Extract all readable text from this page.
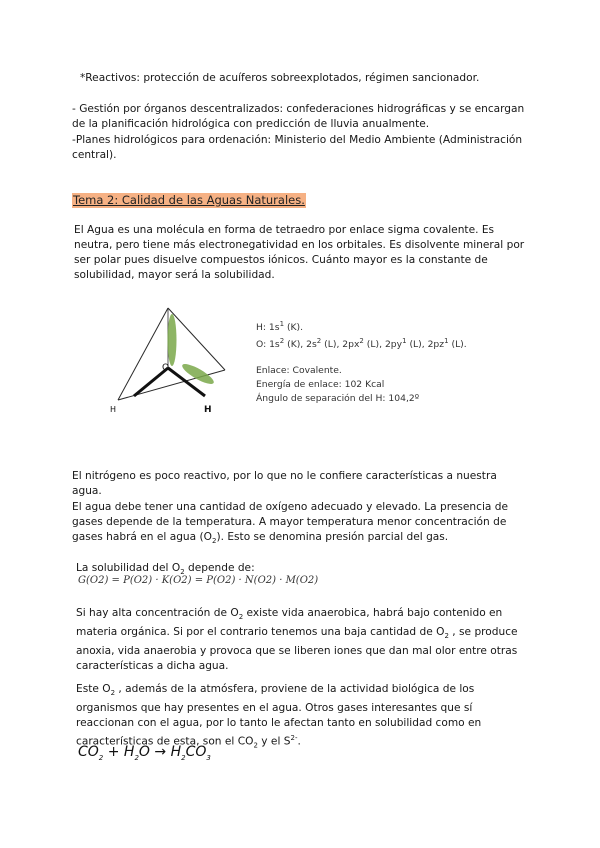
*Reactivos: protección de acuíferos sobreexplotados, régimen sancionador.

- Gestión por órganos descentralizados: confederaciones hidrográficas y se encargan de la planificación hidrológica con predicción de lluvia anualmente.

-Planes hidrológicos para ordenación: Ministerio del Medio Ambiente (Administración central).

Tema 2: Calidad de las Aguas Naturales.

El Agua es una molécula en forma de tetraedro por enlace sigma covalente. Es neutra, pero tiene más electronegatividad en los orbitales. Es disolvente mineral por ser polar pues disuelve compuestos iónicos. Cuánto mayor es la constante de solubilidad, mayor será la solubilidad.

O
H	H

H: $1s^1$ (K).

O: $1s^2$ (K), $2s^2$ (L), $2px^2$ (L), $2py^1$ (L), $2pz^1$ (L).

Enlace: Covalente.

Energía de enlace: 102 Kcal

Ángulo de separación del H: 104,2º

El nitrógeno es poco reactivo, por lo que no le confiere características a nuestra agua.

El agua debe tener una cantidad de oxígeno adecuado y elevado. La presencia de gases depende de la temperatura. A mayor temperatura menor concentración de gases habrá en el agua $(O_2)$. Esto se denomina presión parcial del gas.

La solubilidad del $O_2$ depende de:

G(O2) = P(O2) · K(O2) = P(O2) · N(O2) · M(O2)

Si hay alta concentración de $O_2$ existe vida anaerobica, habrá bajo contenido en materia orgánica. Si por el contrario tenemos una baja cantidad de $O_2$ , se produce anoxia, vida anaerobia y provoca que se liberen iones que dan mal olor entre otras características a dicha agua.

Este $O_2$ , además de la atmósfera, proviene de la actividad biológica de los organismos que hay presentes en el agua. Otros gases interesantes que sí reaccionan con el agua, por lo tanto le afectan tanto en solubilidad como en características de esta, son el $CO_2$ y el $S^{2-}$.

$CO_2 + H_2O \to H_2CO_3$
